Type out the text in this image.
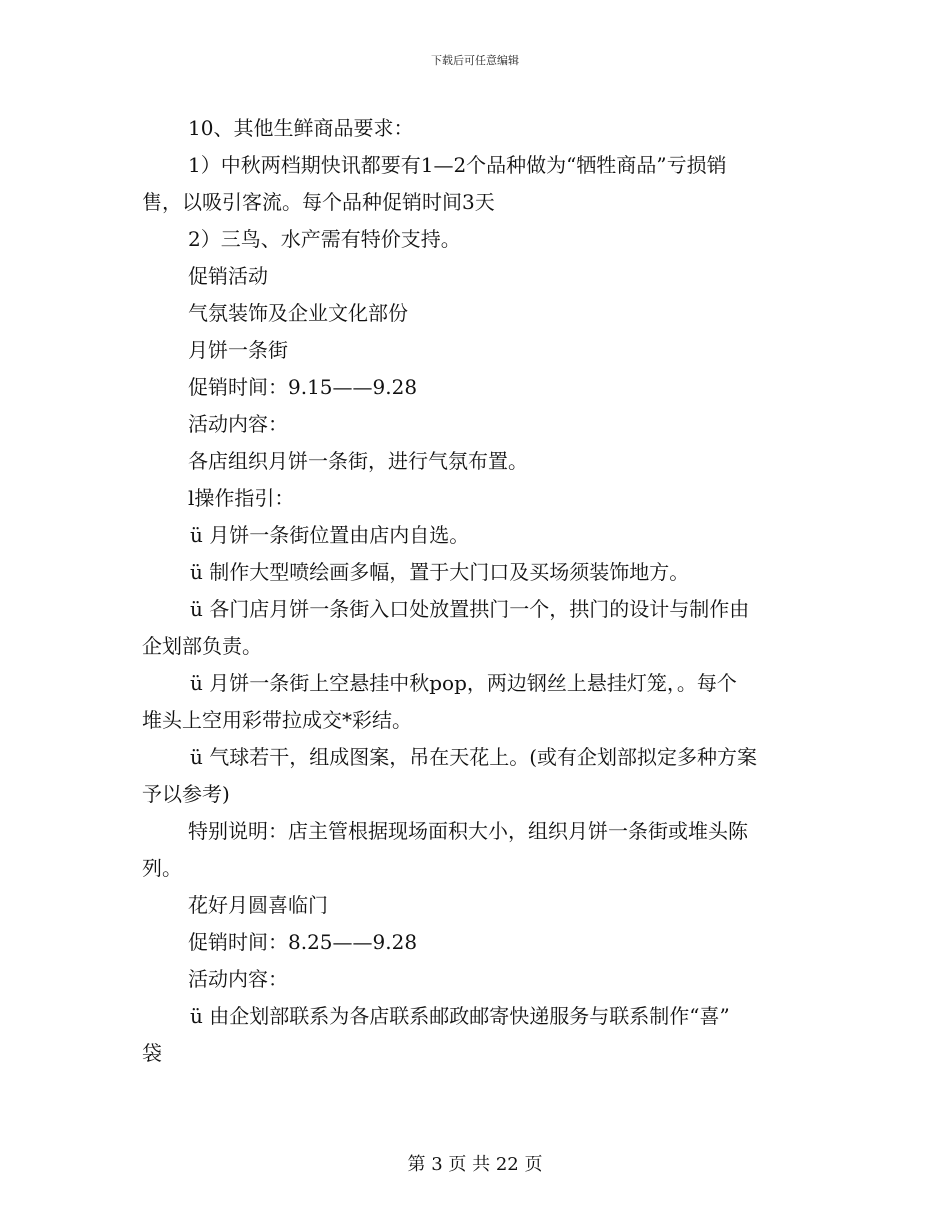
下载后可任意编辑
10、其他生鲜商品要求：
1）中秋两档期快讯都要有1—2个品种做为“牺牲商品”亏损销
售，以吸引客流。每个品种促销时间3天
2）三鸟、水产需有特价支持。
促销活动
气氛装饰及企业文化部份
月饼一条街
促销时间：9.15——9.28
活动内容：
各店组织月饼一条街，进行气氛布置。
l操作指引：
ü 月饼一条街位置由店内自选。
ü 制作大型喷绘画多幅，置于大门口及买场须装饰地方。
ü 各门店月饼一条街入口处放置拱门一个，拱门的设计与制作由
企划部负责。
ü 月饼一条街上空悬挂中秋pop，两边钢丝上悬挂灯笼，。每个
堆头上空用彩带拉成交*彩结。
ü 气球若干，组成图案，吊在天花上。(或有企划部拟定多种方案
予以参考)
特别说明：店主管根据现场面积大小，组织月饼一条街或堆头陈
列。
花好月圆喜临门
促销时间：8.25——9.28
活动内容：
ü 由企划部联系为各店联系邮政邮寄快递服务与联系制作“喜”
袋
第 3 页 共 22 页
